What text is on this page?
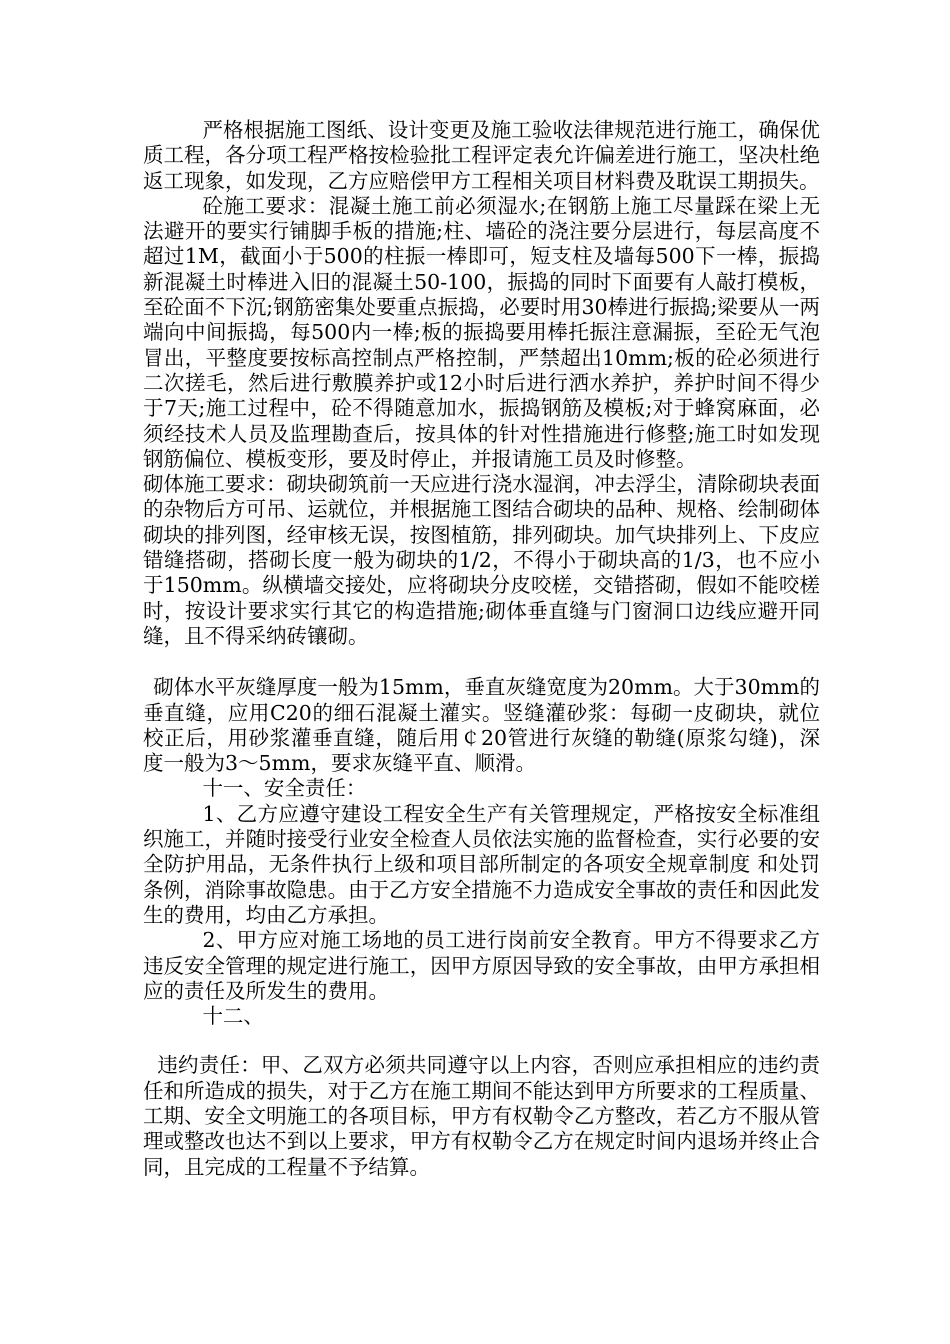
严格根据施工图纸、设计变更及施工验收法律规范进行施工，确保优质工程，各分项工程严格按检验批工程评定表允许偏差进行施工，坚决杜绝返工现象，如发现，乙方应赔偿甲方工程相关项目材料费及耽误工期损失。

砼施工要求：混凝土施工前必须湿水;在钢筋上施工尽量踩在梁上无法避开的要实行铺脚手板的措施;柱、墙砼的浇注要分层进行，每层高度不超过1M，截面小于500的柱振一棒即可，短支柱及墙每500下一棒，振捣新混凝土时棒进入旧的混凝土50-100，振捣的同时下面要有人敲打模板，至砼面不下沉;钢筋密集处要重点振捣，必要时用30棒进行振捣;梁要从一两端向中间振捣，每500内一棒;板的振捣要用棒托振注意漏振，至砼无气泡冒出，平整度要按标高控制点严格控制，严禁超出10mm;板的砼必须进行二次搓毛，然后进行敷膜养护或12小时后进行洒水养护，养护时间不得少于7天;施工过程中，砼不得随意加水，振捣钢筋及模板;对于蜂窝麻面，必须经技术人员及监理勘查后，按具体的针对性措施进行修整;施工时如发现钢筋偏位、模板变形，要及时停止，并报请施工员及时修整。

砌体施工要求：砌块砌筑前一天应进行浇水湿润，冲去浮尘，清除砌块表面的杂物后方可吊、运就位，并根据施工图结合砌块的品种、规格、绘制砌体砌块的排列图，经审核无误，按图植筋，排列砌块。加气块排列上、下皮应错缝搭砌，搭砌长度一般为砌块的1/2，不得小于砌块高的1/3，也不应小于150mm。纵横墙交接处，应将砌块分皮咬槎，交错搭砌，假如不能咬槎时，按设计要求实行其它的构造措施;砌体垂直缝与门窗洞口边线应避开同缝，且不得采纳砖镶砌。

砌体水平灰缝厚度一般为15mm，垂直灰缝宽度为20mm。大于30mm的垂直缝，应用C20的细石混凝土灌实。竖缝灌砂浆：每砌一皮砌块，就位校正后，用砂浆灌垂直缝，随后用￠20管进行灰缝的勒缝(原浆勾缝)，深度一般为3～5mm，要求灰缝平直、顺滑。

十一、安全责任：

1、乙方应遵守建设工程安全生产有关管理规定，严格按安全标准组织施工，并随时接受行业安全检查人员依法实施的监督检查，实行必要的安全防护用品，无条件执行上级和项目部所制定的各项安全规章制度 和处罚条例，消除事故隐患。由于乙方安全措施不力造成安全事故的责任和因此发生的费用，均由乙方承担。

2、甲方应对施工场地的员工进行岗前安全教育。甲方不得要求乙方违反安全管理的规定进行施工，因甲方原因导致的安全事故，由甲方承担相应的责任及所发生的费用。

十二、

违约责任：甲、乙双方必须共同遵守以上内容，否则应承担相应的违约责任和所造成的损失，对于乙方在施工期间不能达到甲方所要求的工程质量、工期、安全文明施工的各项目标，甲方有权勒令乙方整改，若乙方不服从管理或整改也达不到以上要求，甲方有权勒令乙方在规定时间内退场并终止合同，且完成的工程量不予结算。
